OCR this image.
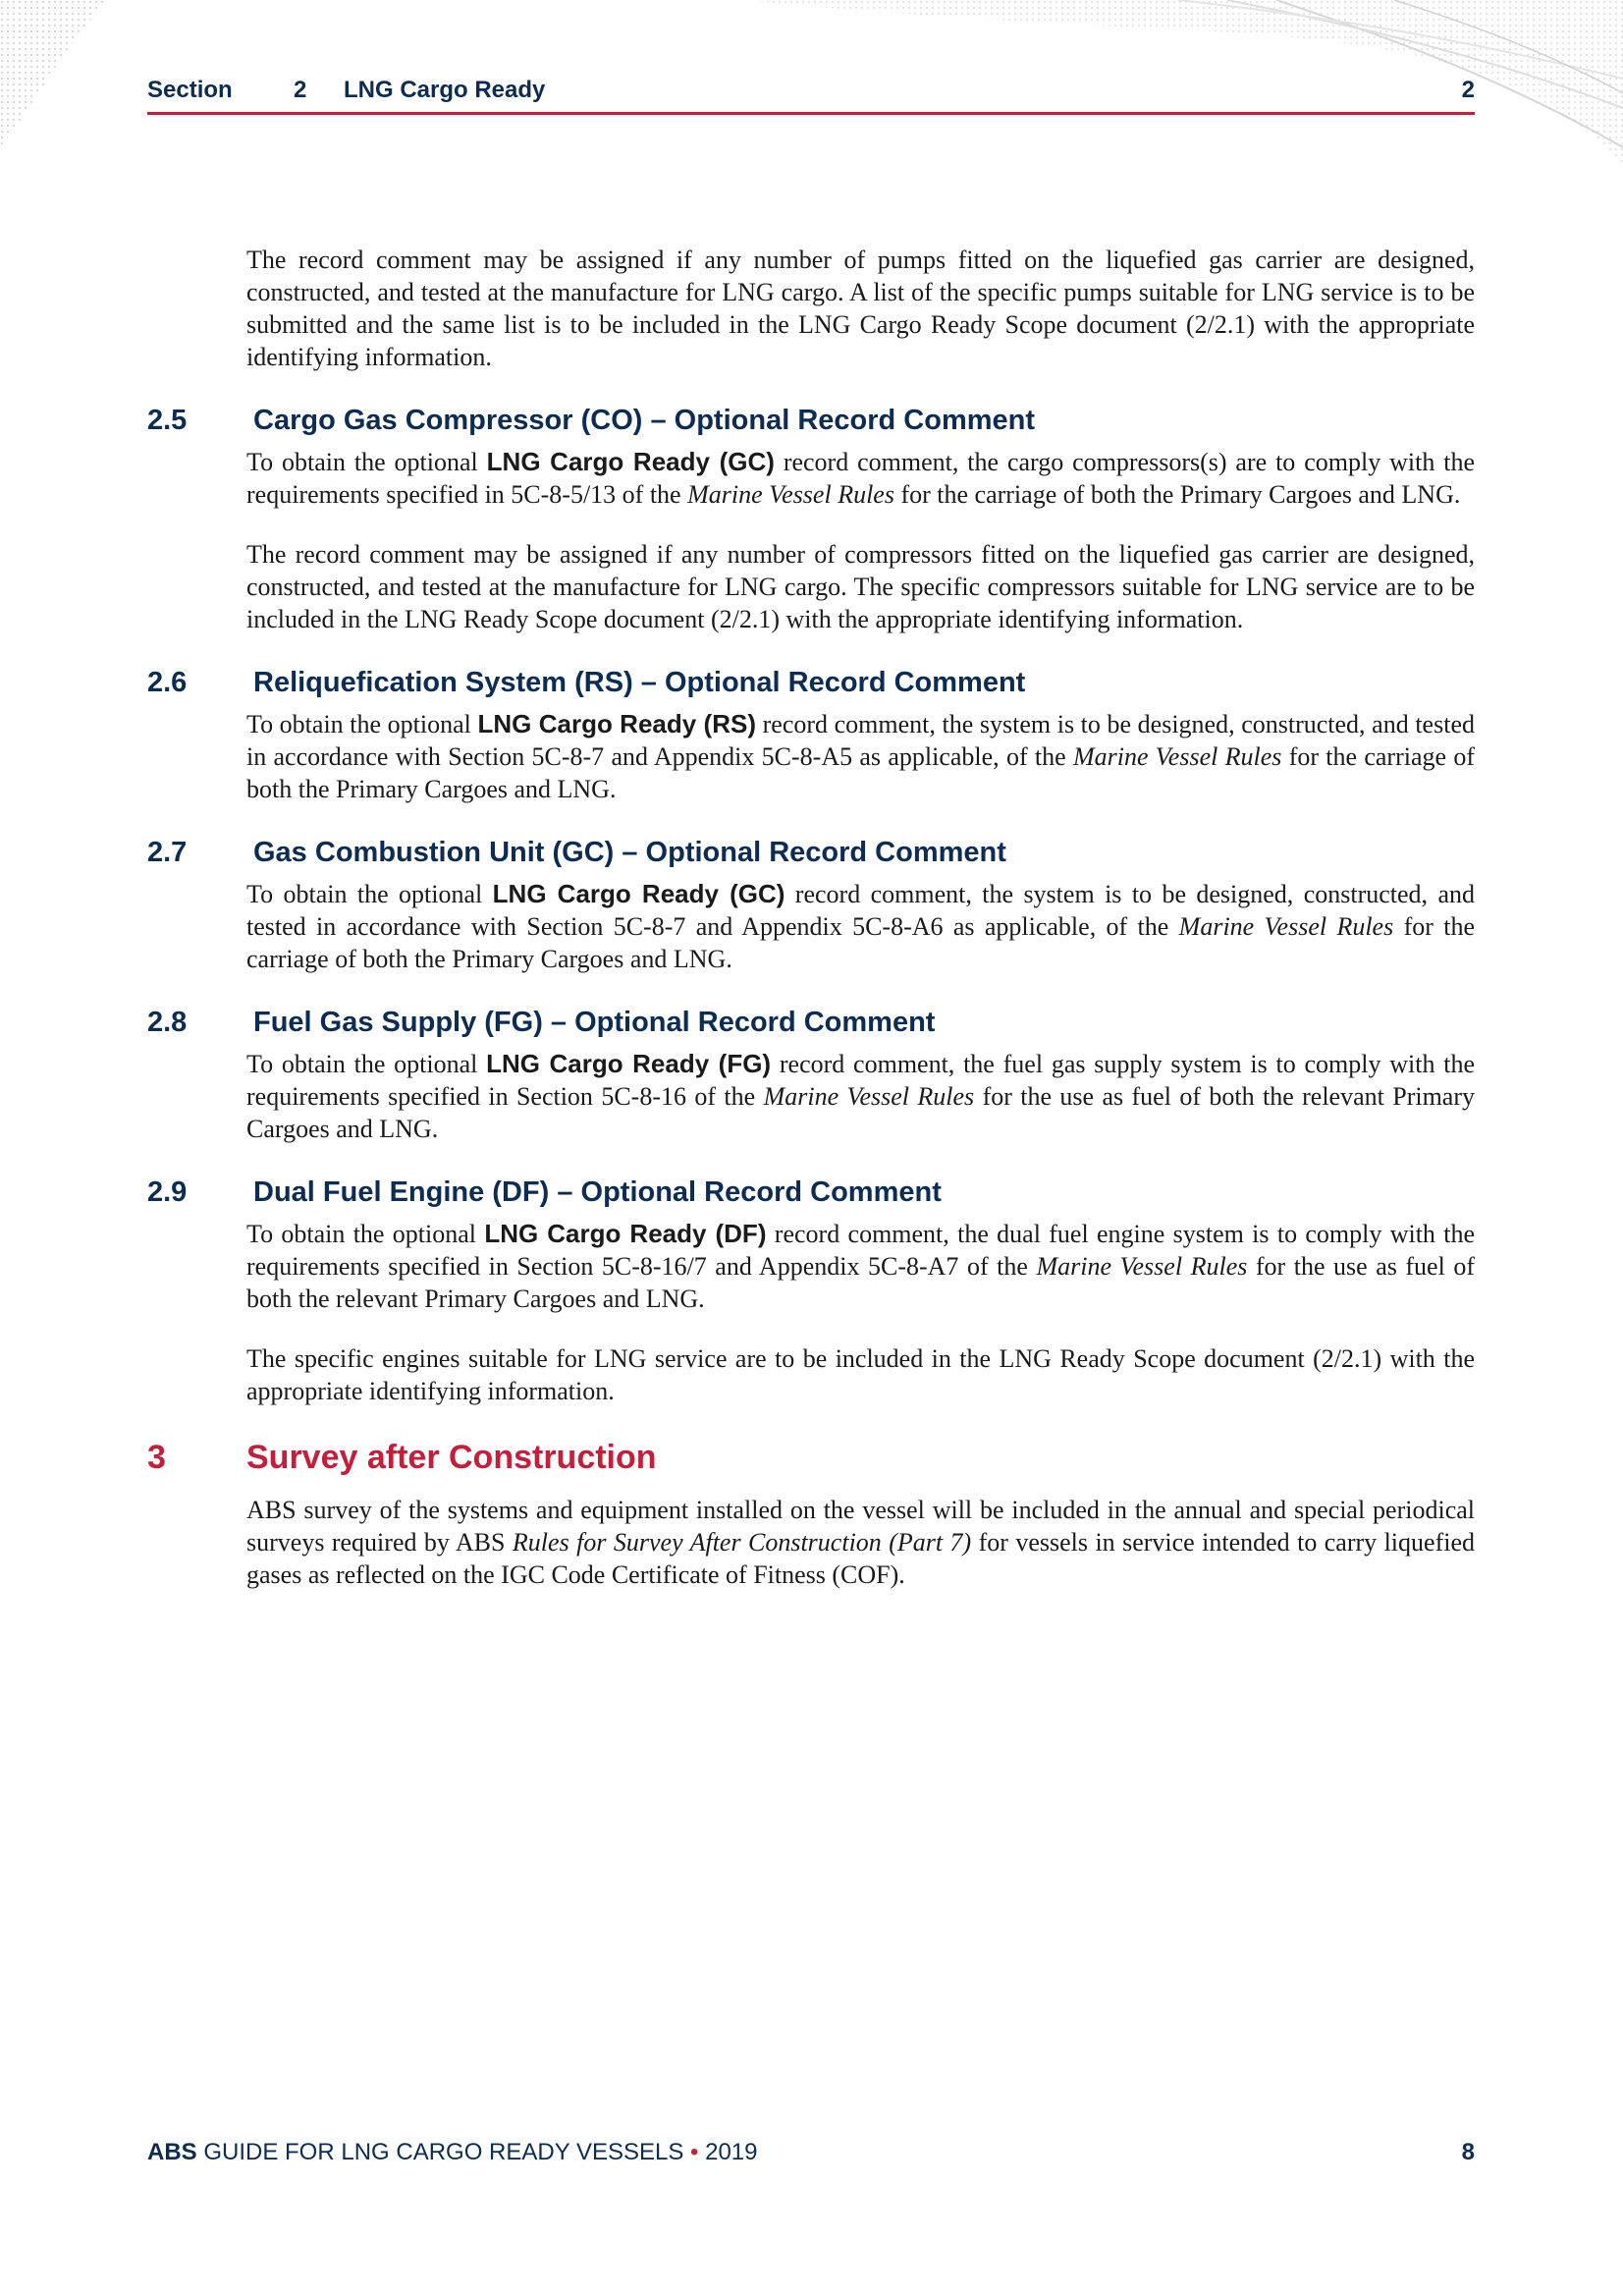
Section	2 LNG Cargo Ready	2

The record comment may be assigned if any number of pumps fitted on the liquefied gas carrier are designed, constructed, and tested at the manufacture for LNG cargo. A list of the specific pumps suitable for LNG service is to be submitted and the same list is to be included in the LNG Cargo Ready Scope document (2/2.1) with the appropriate identifying information.

2.5	Cargo Gas Compressor (CO) – Optional Record Comment

To obtain the optional LNG Cargo Ready (GC) record comment, the cargo compressors(s) are to comply with the requirements specified in 5C-8-5/13 of the Marine Vessel Rules for the carriage of both the Primary Cargoes and LNG.

The record comment may be assigned if any number of compressors fitted on the liquefied gas carrier are designed, constructed, and tested at the manufacture for LNG cargo. The specific compressors suitable for LNG service are to be included in the LNG Ready Scope document (2/2.1) with the appropriate identifying information.

2.6	Reliquefication System (RS) – Optional Record Comment

To obtain the optional LNG Cargo Ready (RS) record comment, the system is to be designed, constructed, and tested in accordance with Section 5C-8-7 and Appendix 5C-8-A5 as applicable, of the Marine Vessel Rules for the carriage of both the Primary Cargoes and LNG.

2.7	Gas Combustion Unit (GC) – Optional Record Comment

To obtain the optional LNG Cargo Ready (GC) record comment, the system is to be designed, constructed, and tested in accordance with Section 5C-8-7 and Appendix 5C-8-A6 as applicable, of the Marine Vessel Rules for the carriage of both the Primary Cargoes and LNG.

2.8	Fuel Gas Supply (FG) – Optional Record Comment

To obtain the optional LNG Cargo Ready (FG) record comment, the fuel gas supply system is to comply with the requirements specified in Section 5C-8-16 of the Marine Vessel Rules for the use as fuel of both the relevant Primary Cargoes and LNG.

2.9	Dual Fuel Engine (DF) – Optional Record Comment

To obtain the optional LNG Cargo Ready (DF) record comment, the dual fuel engine system is to comply with the requirements specified in Section 5C-8-16/7 and Appendix 5C-8-A7 of the Marine Vessel Rules for the use as fuel of both the relevant Primary Cargoes and LNG.

The specific engines suitable for LNG service are to be included in the LNG Ready Scope document (2/2.1) with the appropriate identifying information.

3	Survey after Construction

ABS survey of the systems and equipment installed on the vessel will be included in the annual and special periodical surveys required by ABS Rules for Survey After Construction (Part 7) for vessels in service intended to carry liquefied gases as reflected on the IGC Code Certificate of Fitness (COF).

ABS GUIDE FOR LNG CARGO READY VESSELS • 2019	8
